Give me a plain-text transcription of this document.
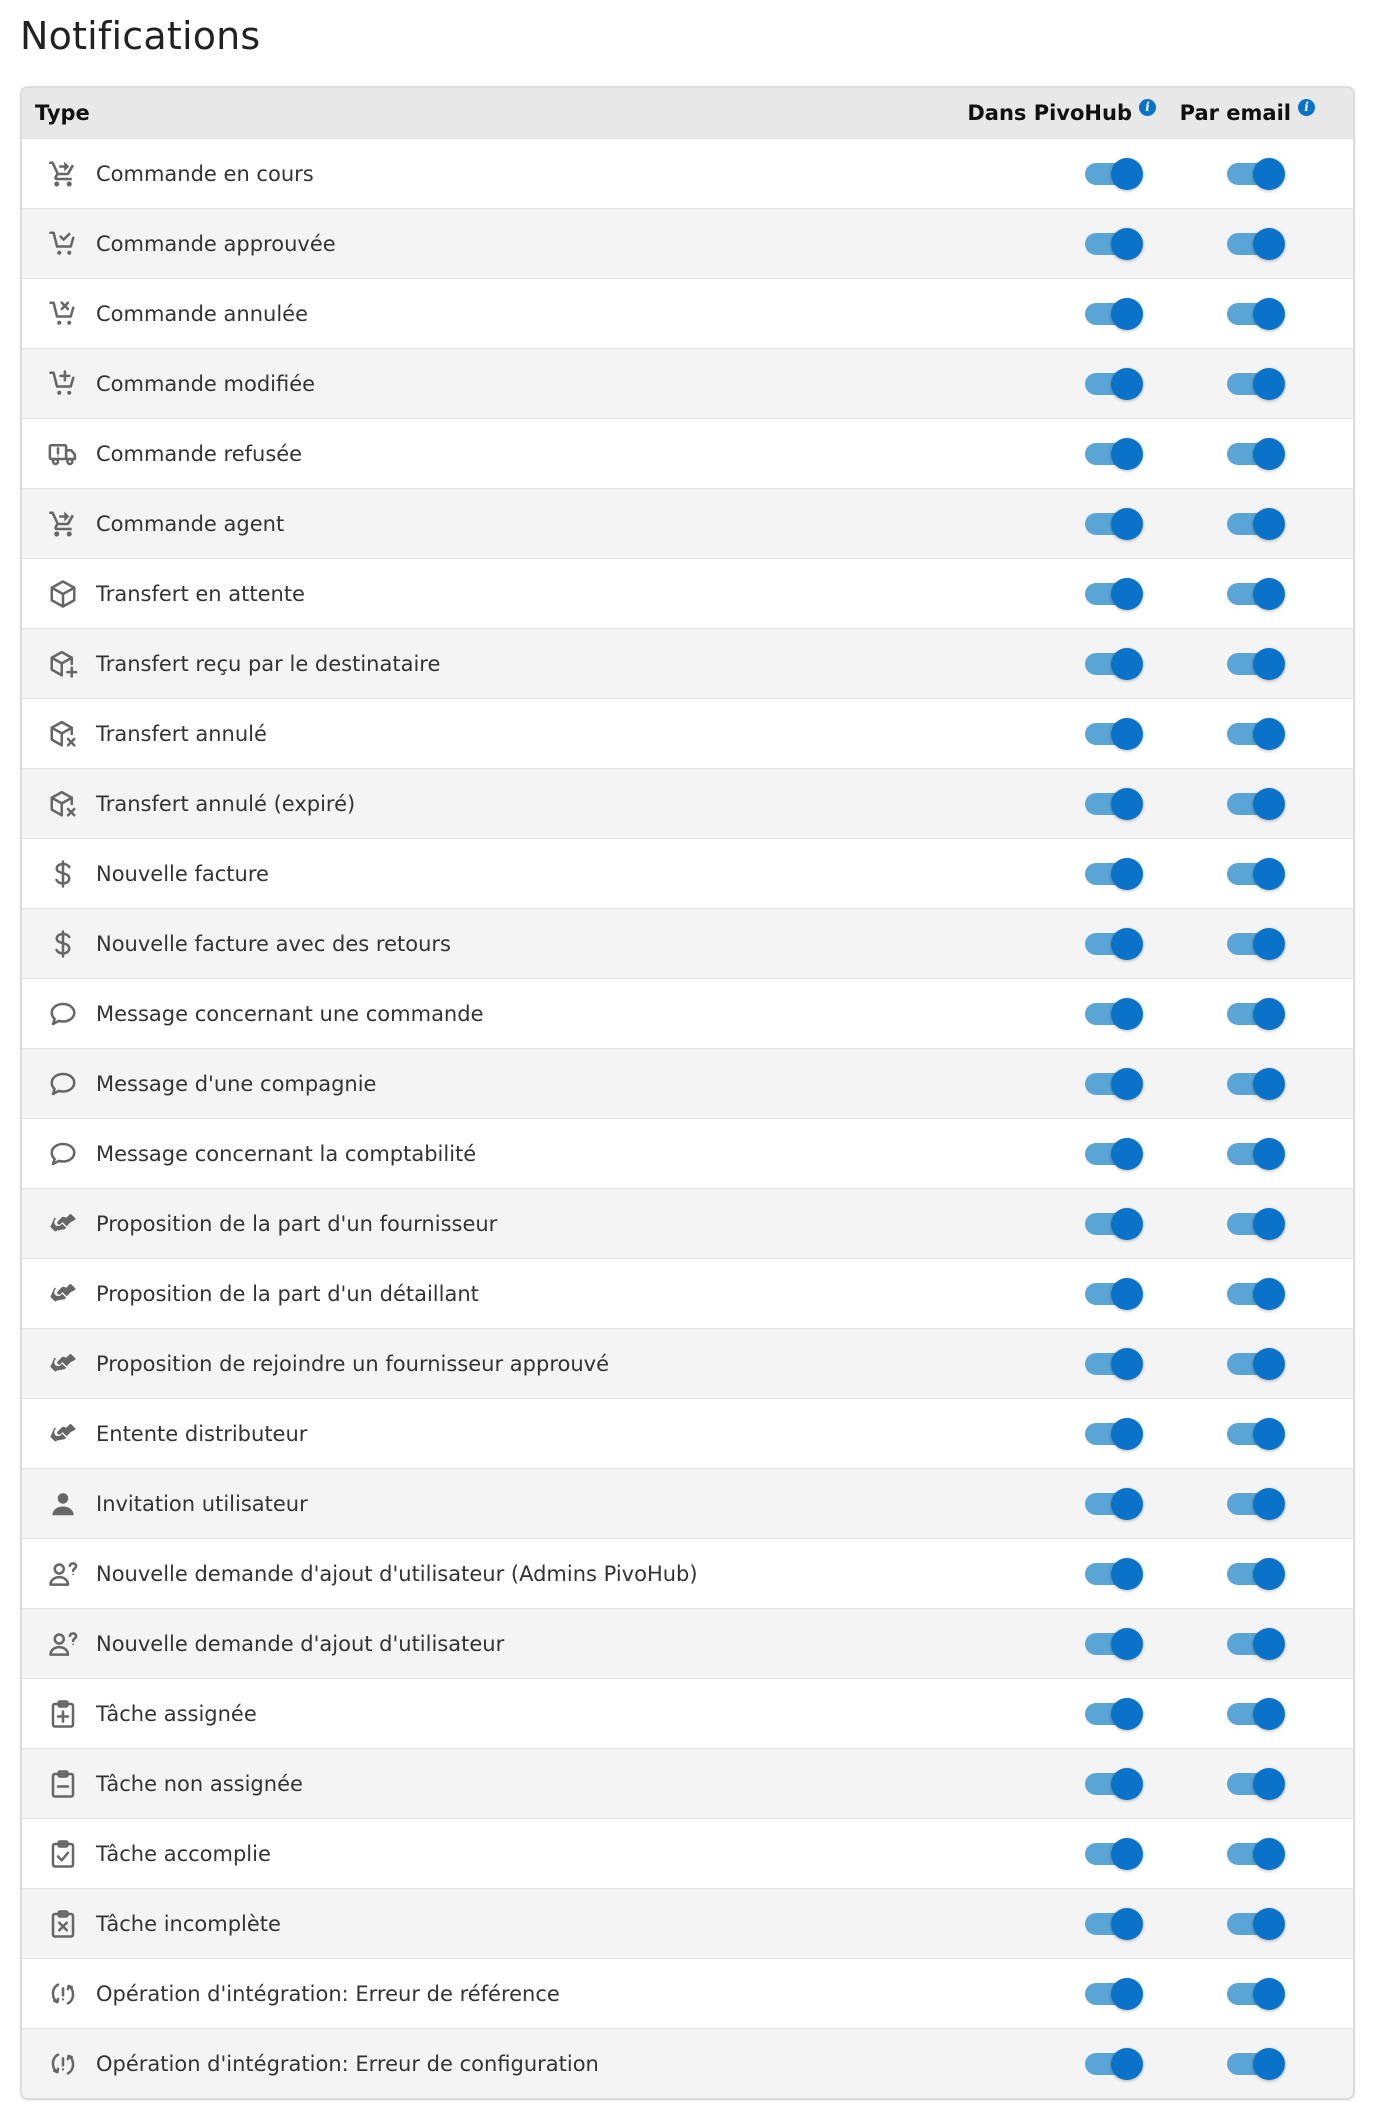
Notifications
Type	Dans PivoHub	i Par email	i
Commande en cours
Commande approuvée
Commande annulée
Commande modifiée
Commande refusée
Commande agent
Transfert en attente
Transfert reçu par le destinataire
Transfert annulé
Transfert annulé (expiré)
Nouvelle facture
Nouvelle facture avec des retours
Message concernant une commande
Message d'une compagnie
Message concernant la comptabilité
Proposition de la part d'un fournisseur
Proposition de la part d'un détaillant
Proposition de rejoindre un fournisseur approuvé
Entente distributeur
Invitation utilisateur
Nouvelle demande d'ajout d'utilisateur (Admins PivoHub)
Nouvelle demande d'ajout d'utilisateur
Tâche assignée
Tâche non assignée
Tâche accomplie
Tâche incomplète
Opération d'intégration: Erreur de référence
Opération d'intégration: Erreur de configuration
